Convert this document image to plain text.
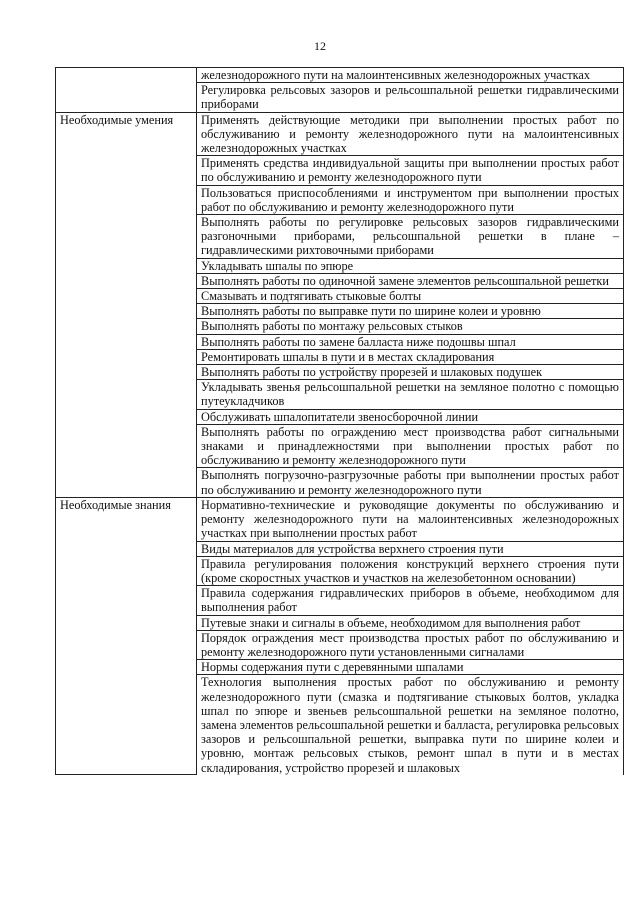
12
	железнодорожного пути на малоинтенсивных железнодорожных участках
	Регулировка рельсовых зазоров и рельсошпальной решетки гидравлическими приборами
Необходимые умения	Применять действующие методики при выполнении простых работ по обслуживанию и ремонту железнодорожного пути на малоинтенсивных железнодорожных участках
	Применять средства индивидуальной защиты при выполнении простых работ по обслуживанию и ремонту железнодорожного пути
	Пользоваться приспособлениями и инструментом при выполнении простых работ по обслуживанию и ремонту железнодорожного пути
	Выполнять работы по регулировке рельсовых зазоров гидравлическими разгоночными приборами, рельсошпальной решетки в плане – гидравлическими рихтовочными приборами
	Укладывать шпалы по эпюре
	Выполнять работы по одиночной замене элементов рельсошпальной решетки
	Смазывать и подтягивать стыковые болты
	Выполнять работы по выправке пути по ширине колеи и уровню
	Выполнять работы по монтажу рельсовых стыков
	Выполнять работы по замене балласта ниже подошвы шпал
	Ремонтировать шпалы в пути и в местах складирования
	Выполнять работы по устройству прорезей и шлаковых подушек
	Укладывать звенья рельсошпальной решетки на земляное полотно с помощью путеукладчиков
	Обслуживать шпалопитатели звеносборочной линии
	Выполнять работы по ограждению мест производства работ сигнальными знаками и принадлежностями при выполнении простых работ по обслуживанию и ремонту железнодорожного пути
	Выполнять погрузочно-разгрузочные работы при выполнении простых работ по обслуживанию и ремонту железнодорожного пути
Необходимые знания	Нормативно-технические и руководящие документы по обслуживанию и ремонту железнодорожного пути на малоинтенсивных железнодорожных участках при выполнении простых работ
	Виды материалов для устройства верхнего строения пути
	Правила регулирования положения конструкций верхнего строения пути (кроме скоростных участков и участков на железобетонном основании)
	Правила содержания гидравлических приборов в объеме, необходимом для выполнения работ
	Путевые знаки и сигналы в объеме, необходимом для выполнения работ
	Порядок ограждения мест производства простых работ по обслуживанию и ремонту железнодорожного пути установленными сигналами
	Нормы содержания пути с деревянными шпалами
	Технология выполнения простых работ по обслуживанию и ремонту железнодорожного пути (смазка и подтягивание стыковых болтов, укладка шпал по эпюре и звеньев рельсошпальной решетки на земляное полотно, замена элементов рельсошпальной решетки и балласта, регулировка рельсовых зазоров и рельсошпальной решетки, выправка пути по ширине колеи и уровню, монтаж рельсовых стыков, ремонт шпал в пути и в местах складирования, устройство прорезей и шлаковых
